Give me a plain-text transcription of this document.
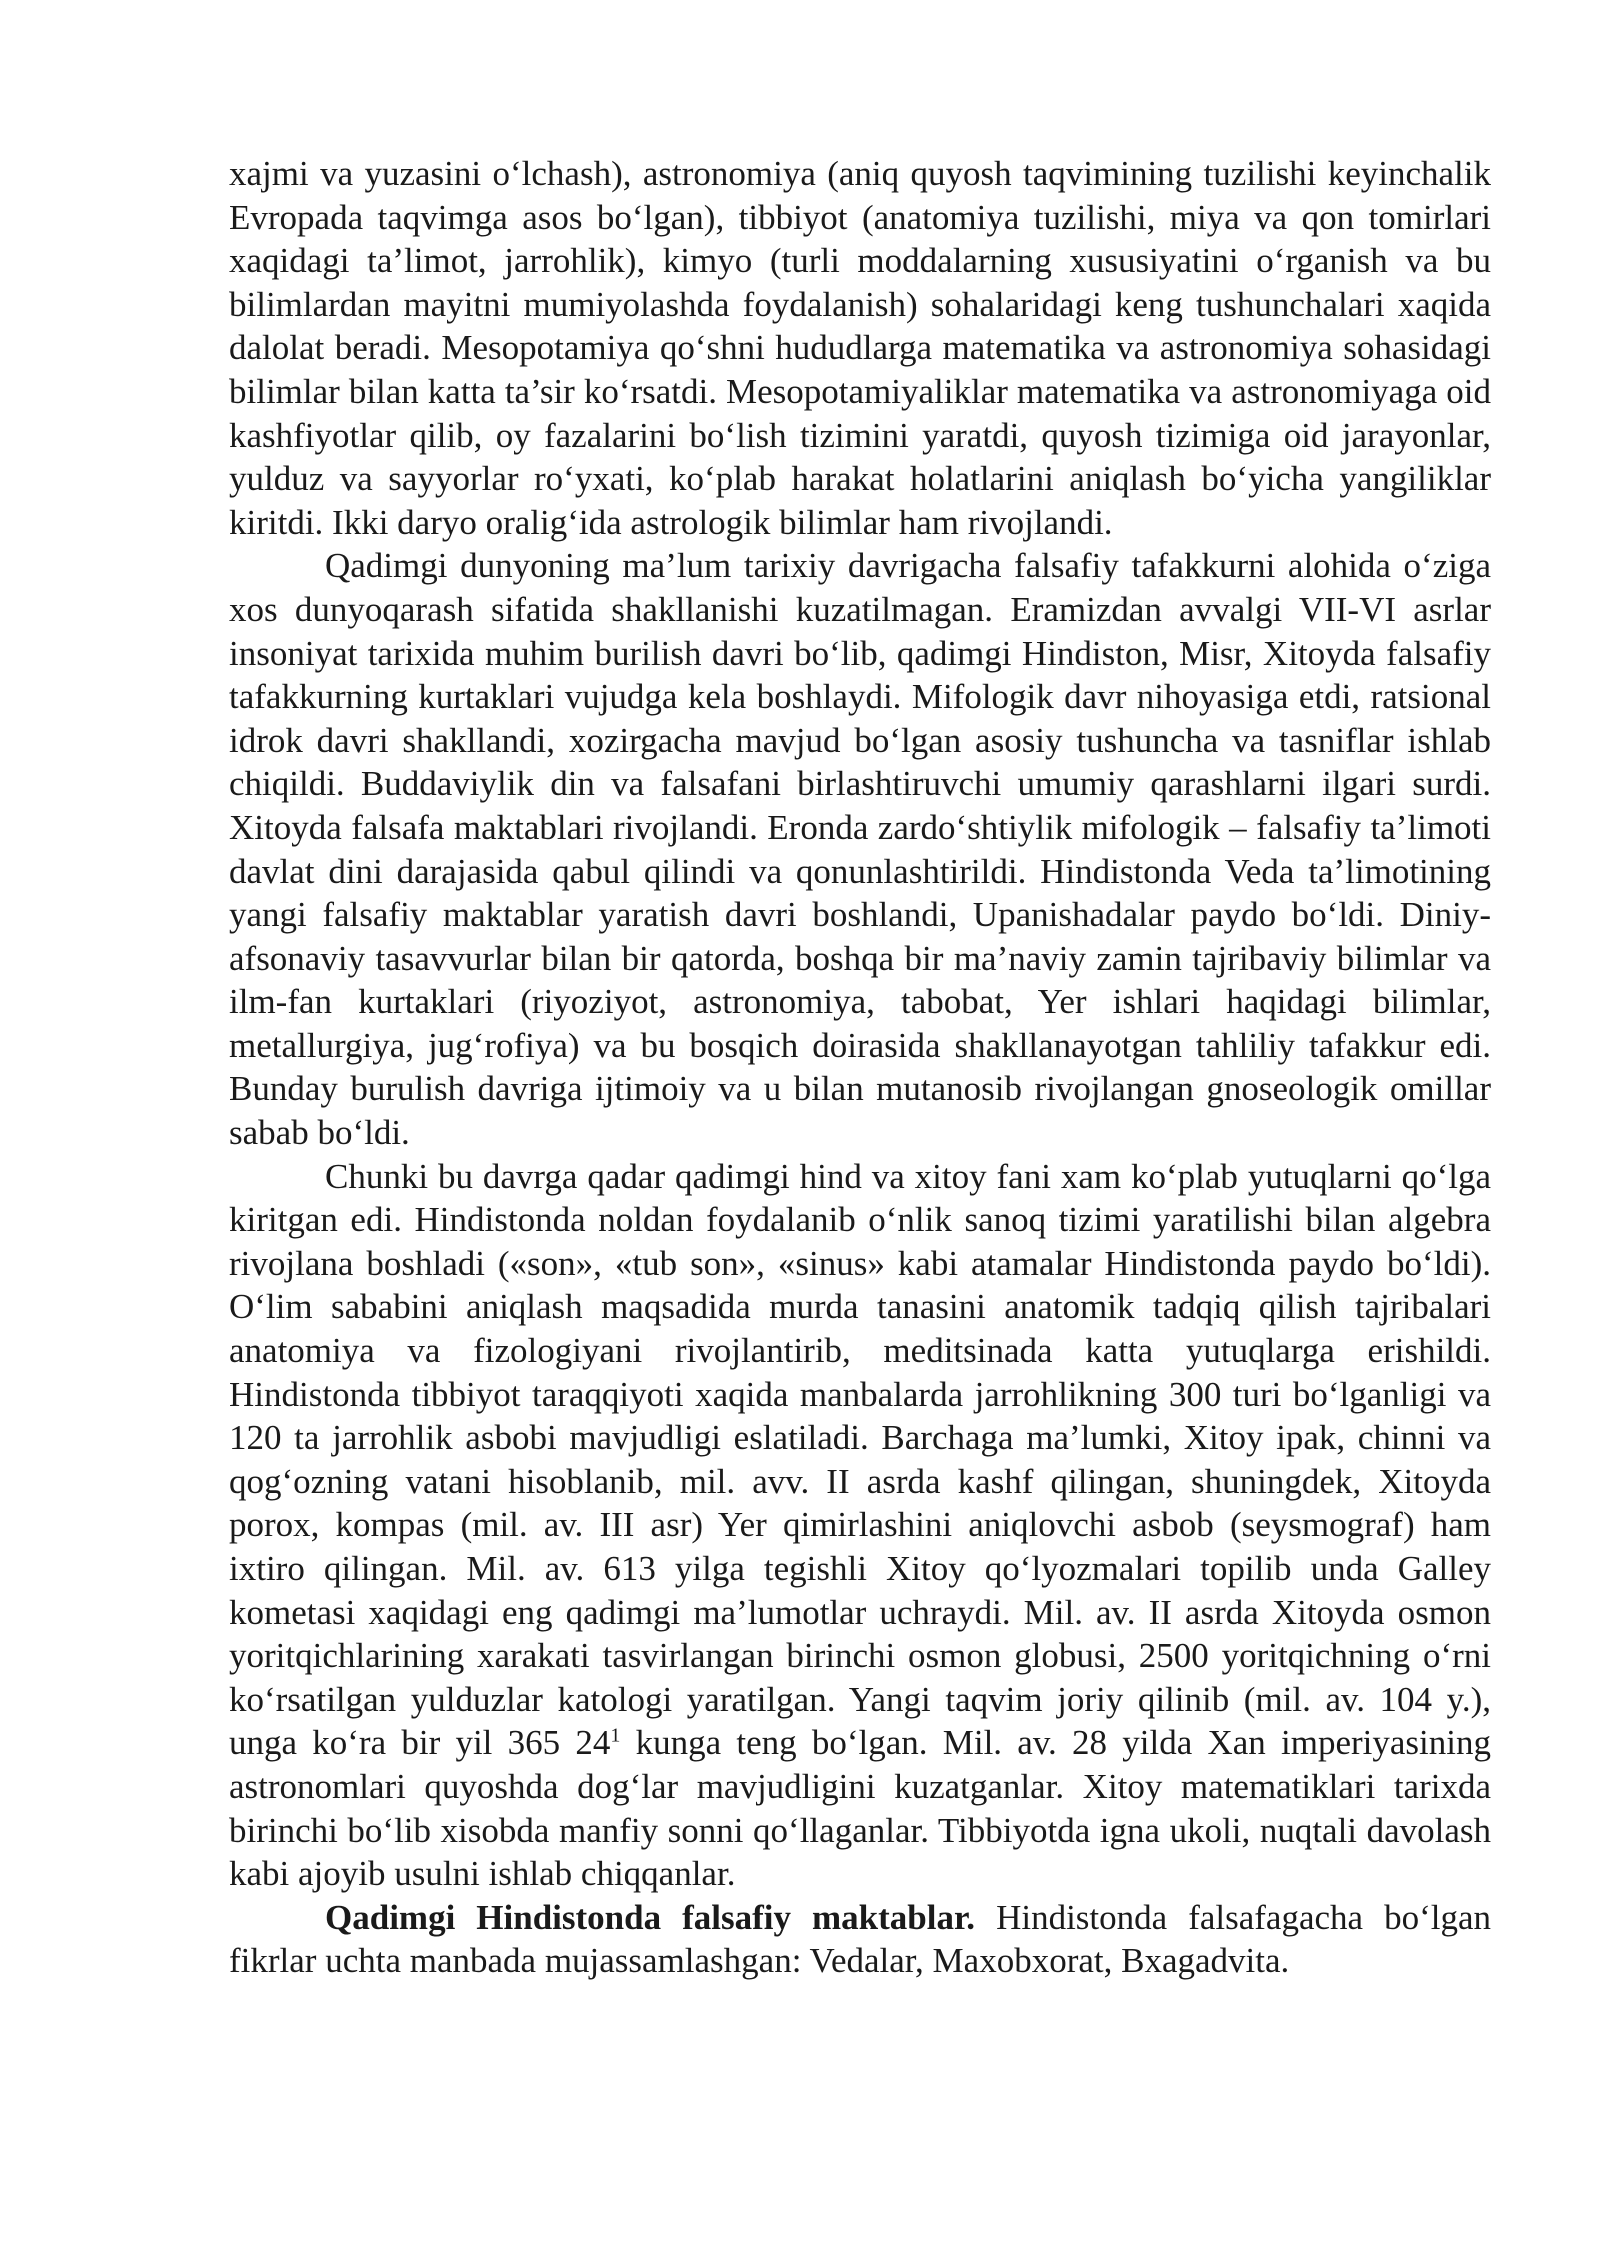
xajmi va yuzasini o‘lchash), astronomiya (aniq quyosh taqvimining tuzilishi keyinchalik Evropada taqvimga asos bo‘lgan), tibbiyot (anatomiya tuzilishi, miya va qon tomirlari xaqidagi ta’limot, jarrohlik), kimyo (turli moddalarning xususiyatini o‘rganish va bu bilimlardan mayitni mumiyolashda foydalanish) sohalaridagi keng tushunchalari xaqida dalolat beradi. Mesopotamiya qo‘shni hududlarga matematika va astronomiya sohasidagi bilimlar bilan katta ta’sir ko‘rsatdi. Mesopotamiyaliklar matematika va astronomiyaga oid kashfiyotlar qilib, oy fazalarini bo‘lish tizimini yaratdi, quyosh tizimiga oid jarayonlar, yulduz va sayyorlar ro‘yxati, ko‘plab harakat holatlarini aniqlash bo‘yicha yangiliklar kiritdi. Ikki daryo oralig‘ida astrologik bilimlar ham rivojlandi.

Qadimgi dunyoning ma’lum tarixiy davrigacha falsafiy tafakkurni alohida o‘ziga xos dunyoqarash sifatida shakllanishi kuzatilmagan. Eramizdan avvalgi VII-VI asrlar insoniyat tarixida muhim burilish davri bo‘lib, qadimgi Hindiston, Misr, Xitoyda falsafiy tafakkurning kurtaklari vujudga kela boshlaydi. Mifologik davr nihoyasiga etdi, ratsional idrok davri shakllandi, xozirgacha mavjud bo‘lgan asosiy tushuncha va tasniflar ishlab chiqildi. Buddaviylik din va falsafani birlashtiruvchi umumiy qarashlarni ilgari surdi. Xitoyda falsafa maktablari rivojlandi. Eronda zardo‘shtiylik mifologik – falsafiy ta’limoti davlat dini darajasida qabul qilindi va qonunlashtirildi. Hindistonda Veda ta’limotining yangi falsafiy maktablar yaratish davri boshlandi, Upanishadalar paydo bo‘ldi. Diniy-afsonaviy tasavvurlar bilan bir qatorda, boshqa bir ma’naviy zamin tajribaviy bilimlar va ilm-fan kurtaklari (riyoziyot, astronomiya, tabobat, Yer ishlari haqidagi bilimlar, metallurgiya, jug‘rofiya) va bu bosqich doirasida shakllanayotgan tahliliy tafakkur edi. Bunday burulish davriga ijtimoiy va u bilan mutanosib rivojlangan gnoseologik omillar sabab bo‘ldi.

Chunki bu davrga qadar qadimgi hind va xitoy fani xam ko‘plab yutuqlarni qo‘lga kiritgan edi. Hindistonda noldan foydalanib o‘nlik sanoq tizimi yaratilishi bilan algebra rivojlana boshladi («son», «tub son», «sinus» kabi atamalar Hindistonda paydo bo‘ldi). O‘lim sababini aniqlash maqsadida murda tanasini anatomik tadqiq qilish tajribalari anatomiya va fizologiyani rivojlantirib, meditsinada katta yutuqlarga erishildi. Hindistonda tibbiyot taraqqiyoti xaqida manbalarda jarrohlikning 300 turi bo‘lganligi va 120 ta jarrohlik asbobi mavjudligi eslatiladi. Barchaga ma’lumki, Xitoy ipak, chinni va qog‘ozning vatani hisoblanib, mil. avv. II asrda kashf qilingan, shuningdek, Xitoyda porox, kompas (mil. av. III asr) Yer qimirlashini aniqlovchi asbob (seysmograf) ham ixtiro qilingan. Mil. av. 613 yilga tegishli Xitoy qo‘lyozmalari topilib unda Galley kometasi xaqidagi eng qadimgi ma’lumotlar uchraydi. Mil. av. II asrda Xitoyda osmon yoritqichlarining xarakati tasvirlangan birinchi osmon globusi, 2500 yoritqichning o‘rni ko‘rsatilgan yulduzlar katologi yaratilgan. Yangi taqvim joriy qilinib (mil. av. 104 y.), unga ko‘ra bir yil 365 $24^1$ kunga teng bo‘lgan. Mil. av. 28 yilda Xan imperiyasining astronomlari quyoshda dog‘lar mavjudligini kuzatganlar. Xitoy matematiklari tarixda birinchi bo‘lib xisobda manfiy sonni qo‘llaganlar. Tibbiyotda igna ukoli, nuqtali davolash kabi ajoyib usulni ishlab chiqqanlar.

Qadimgi Hindistonda falsafiy maktablar. Hindistonda falsafagacha bo‘lgan fikrlar uchta manbada mujassamlashgan: Vedalar, Maxobxorat, Bxagadvita.
